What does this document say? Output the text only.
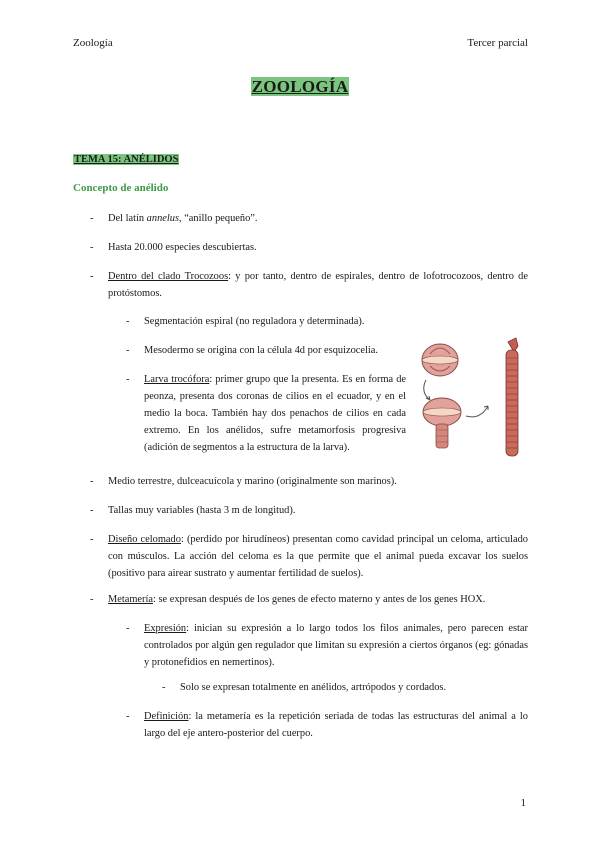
Zoología	Tercer parcial
ZOOLOGÍA
TEMA 15: ANÉLIDOS
Concepto de anélido
- Del latín annelus, “anillo pequeño”.
- Hasta 20.000 especies descubiertas.
- Dentro del clado Trocozoos: y por tanto, dentro de espirales, dentro de lofotrocozoos, dentro de protóstomos.
- Segmentación espiral (no reguladora y determinada).
- Mesodermo se origina con la célula 4d por esquizocelia.
- Larva trocófora: primer grupo que la presenta. Es en forma de peonza, presenta dos coronas de cilios en el ecuador, y en el medio la boca. También hay dos penachos de cilios en cada extremo. En los anélidos, sufre metamorfosis progresiva (adición de segmentos a la estructura de la larva).
- Medio terrestre, dulceacuícola y marino (originalmente son marinos).
- Tallas muy variables (hasta 3 m de longitud).
- Diseño celomado: (perdido por hirudíneos) presentan como cavidad principal un celoma, articulado con músculos. La acción del celoma es la que permite que el animal pueda excavar los suelos (positivo para airear sustrato y aumentar fertilidad de suelos).
- Metamería: se expresan después de los genes de efecto materno y antes de los genes HOX.
- Expresión: inician su expresión a lo largo todos los filos animales, pero parecen estar controlados por algún gen regulador que limitan su expresión a ciertos órganos (eg: gónadas y protonefidios en nemertinos).
- Solo se expresan totalmente en anélidos, artrópodos y cordados.
- Definición: la metamería es la repetición seriada de todas las estructuras del animal a lo largo del eje antero-posterior del cuerpo.
1
